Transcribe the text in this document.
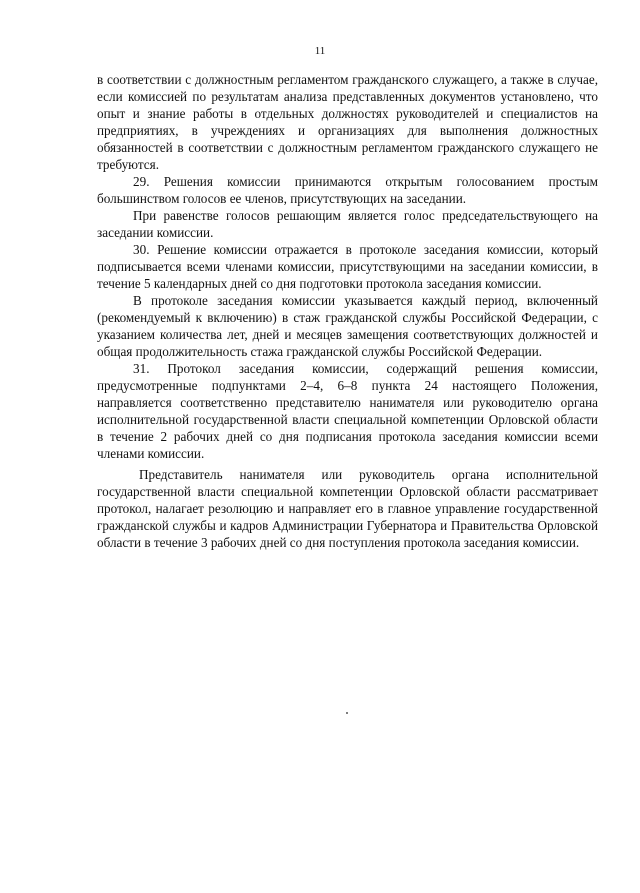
11

в соответствии с должностным регламентом гражданского служащего, а также в случае, если комиссией по результатам анализа представленных документов установлено, что опыт и знание работы в отдельных должностях руководителей и специалистов на предприятиях, в учреждениях и организациях для выполнения должностных обязанностей в соответствии с должностным регламентом гражданского служащего не требуются.

29. Решения комиссии принимаются открытым голосованием простым большинством голосов ее членов, присутствующих на заседании.

При равенстве голосов решающим является голос председательствующего на заседании комиссии.

30. Решение комиссии отражается в протоколе заседания комиссии, который подписывается всеми членами комиссии, присутствующими на заседании комиссии, в течение 5 календарных дней со дня подготовки протокола заседания комиссии.

В протоколе заседания комиссии указывается каждый период, включенный (рекомендуемый к включению) в стаж гражданской службы Российской Федерации, с указанием количества лет, дней и месяцев замещения соответствующих должностей и общая продолжительность стажа гражданской службы Российской Федерации.

31. Протокол заседания комиссии, содержащий решения комиссии, предусмотренные подпунктами 2–4, 6–8 пункта 24 настоящего Положения, направляется соответственно представителю нанимателя или руководителю органа исполнительной государственной власти специальной компетенции Орловской области в течение 2 рабочих дней со дня подписания протокола заседания комиссии всеми членами комиссии.

Представитель нанимателя или руководитель органа исполнительной государственной власти специальной компетенции Орловской области рассматривает протокол, налагает резолюцию и направляет его в главное управление государственной гражданской службы и кадров Администрации Губернатора и Правительства Орловской области в течение 3 рабочих дней со дня поступления протокола заседания комиссии.
